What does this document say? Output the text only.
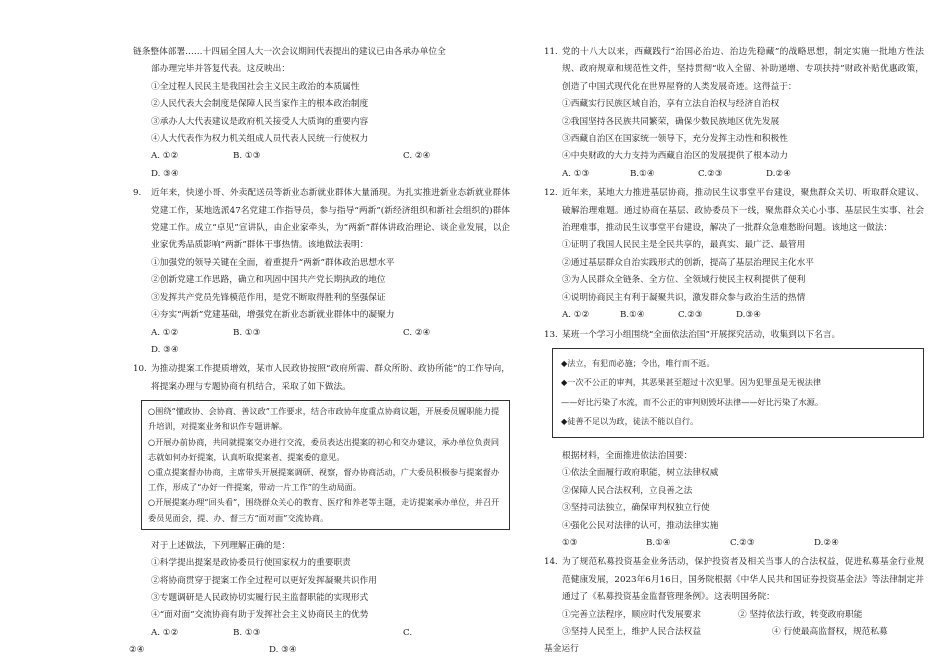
链条整体部署……十四届全国人大一次会议期间代表提出的建议已由各承办单位全

部办理完毕并答复代表。这反映出：

①全过程人民民主是我国社会主义民主政治的本质属性

②人民代表大会制度是保障人民当家作主的根本政治制度

③承办人大代表建议是政府机关接受人大质询的重要内容

④人大代表作为权力机关组成人员代表人民统一行使权力

A. ①②	B. ①③	C. ②④
D. ③④
9.	近年来，快递小哥、外卖配送员等新业态新就业群体大量涌现。为扎实推进新业态新就业群体党建工作，某地选派47名党建工作指导员，参与指导“两新”(新经济组织和新社会组织的)群体党建工作。成立“卓见”宣讲队，由企业家牵头，为“两新”群体讲政治理论、谈企业发展，以企业家优秀品质影响“两新”群体干事热情。该地做法表明：

①加强党的领导关键在全面，着重提升“两新”群体政治思想水平

②创新党建工作思路，确立和巩固中国共产党长期执政的地位

③发挥共产党员先锋模范作用，是党不断取得胜利的坚强保证

④夯实“两新”党建基础，增强党在新业态新就业群体中的凝聚力

A. ①②	B. ①③	C. ②④
D. ③④
10. 为推动提案工作提质增效，某市人民政协按照“政府所需、群众所盼、政协所能”的工作导向，将提案办理与专题协商有机结合，采取了如下做法。
○围绕“懂政协、会协商、善议政”工作要求，结合市政协年度重点协商议题，开展委员履职能力提升培训，对提案业务和识作专题讲解。
○开展办前协商，共同就提案交办进行交流，委员表达出提案的初心和交办建议，承办单位负责同志就如何办好提案，认真听取提案者、提案委的意见。
○重点提案督办协商，主席带头开展提案调研、视察，督办协商活动，广大委员积极参与提案督办工作，形成了“办好一件提案，带动一片工作”的生动局面。
○开展提案办理“回头看”，围绕群众关心的教育、医疗和养老等主题，走访提案承办单位，并召开委员见面会，提、办、督三方“面对面”交流协商。

对于上述做法，下列理解正确的是：

①科学提出提案是政协委员行使国家权力的重要职责

②将协商贯穿于提案工作全过程可以更好发挥凝聚共识作用

③专题调研是人民政协切实履行民主监督职能的实现形式

④“面对面”交流协商有助于发挥社会主义协商民主的优势

A. ①②	B. ①③	C.
②④	D. ③④
11. 党的十八大以来，西藏践行“治国必治边、治边先稳藏”的战略思想，制定实施一批地方性法规、政府规章和规范性文件，坚持贯彻“收入全留、补助递增、专项扶持”财政补贴优惠政策，创造了中国式现代化在世界屋脊的人类发展奇迹。这得益于：

①西藏实行民族区域自治，享有立法自治权与经济自治权

②我国坚持各民族共同繁荣，确保少数民族地区优先发展

③西藏自治区在国家统一领导下，充分发挥主动性和积极性

④中央财政的大力支持为西藏自治区的发展提供了根本动力

A. ①③	B.①④	C.②③	D.②④
12. 近年来，某地大力推进基层协商，推动民生议事堂平台建设，聚焦群众关切、听取群众建议、破解治理难题。通过协商在基层、政协委员下一线，聚焦群众关心小事、基层民生实事、社会治理难事，推动民生议事堂平台建设，解决了一批群众急难愁盼问题。该地这一做法：

①证明了我国人民民主是全民共享的，最真实、最广泛、最管用

②通过基层群众自治实践形式的创新，提高了基层治理民主化水平

③为人民群众全链条、全方位、全领域行使民主权利提供了便利

④说明协商民主有利于凝聚共识，激发群众参与政治生活的热情

A. ①②	B.①④	C.②③	D.③④
13. 某班一个学习小组围绕“全面依法治国”开展探究活动，收集到以下名言。
◆法立，有犯而必施；令出，唯行而不返。
◆一次不公正的审判，其恶果甚至超过十次犯罪。因为犯罪虽是无视法律
——好比污染了水流，而不公正的审判则毁坏法律——好比污染了水源。
◆徒善不足以为政，徒法不能以自行。

根据材料，全面推进依法治国要：

①依法全面履行政府职能，树立法律权威

②保障人民合法权利，立良善之法

③坚持司法独立，确保审判权独立行使

④强化公民对法律的认可，推动法律实施

①③	B.①④	C.②③	D.②④
14. 为了规范私募投资基金业务活动，保护投资者及相关当事人的合法权益，促进私募基金行业规范健康发展，2023年6月16日，国务院根据《中华人民共和国证券投资基金法》等法律制定并通过了《私募投资基金监督管理条例》。这表明国务院：
①完善立法程序，顺应时代发展要求	② 坚持依法行政，转变政府职能
③坚持人民至上，维护人民合法权益	④ 行使最高监督权，规范私募

基金运行
